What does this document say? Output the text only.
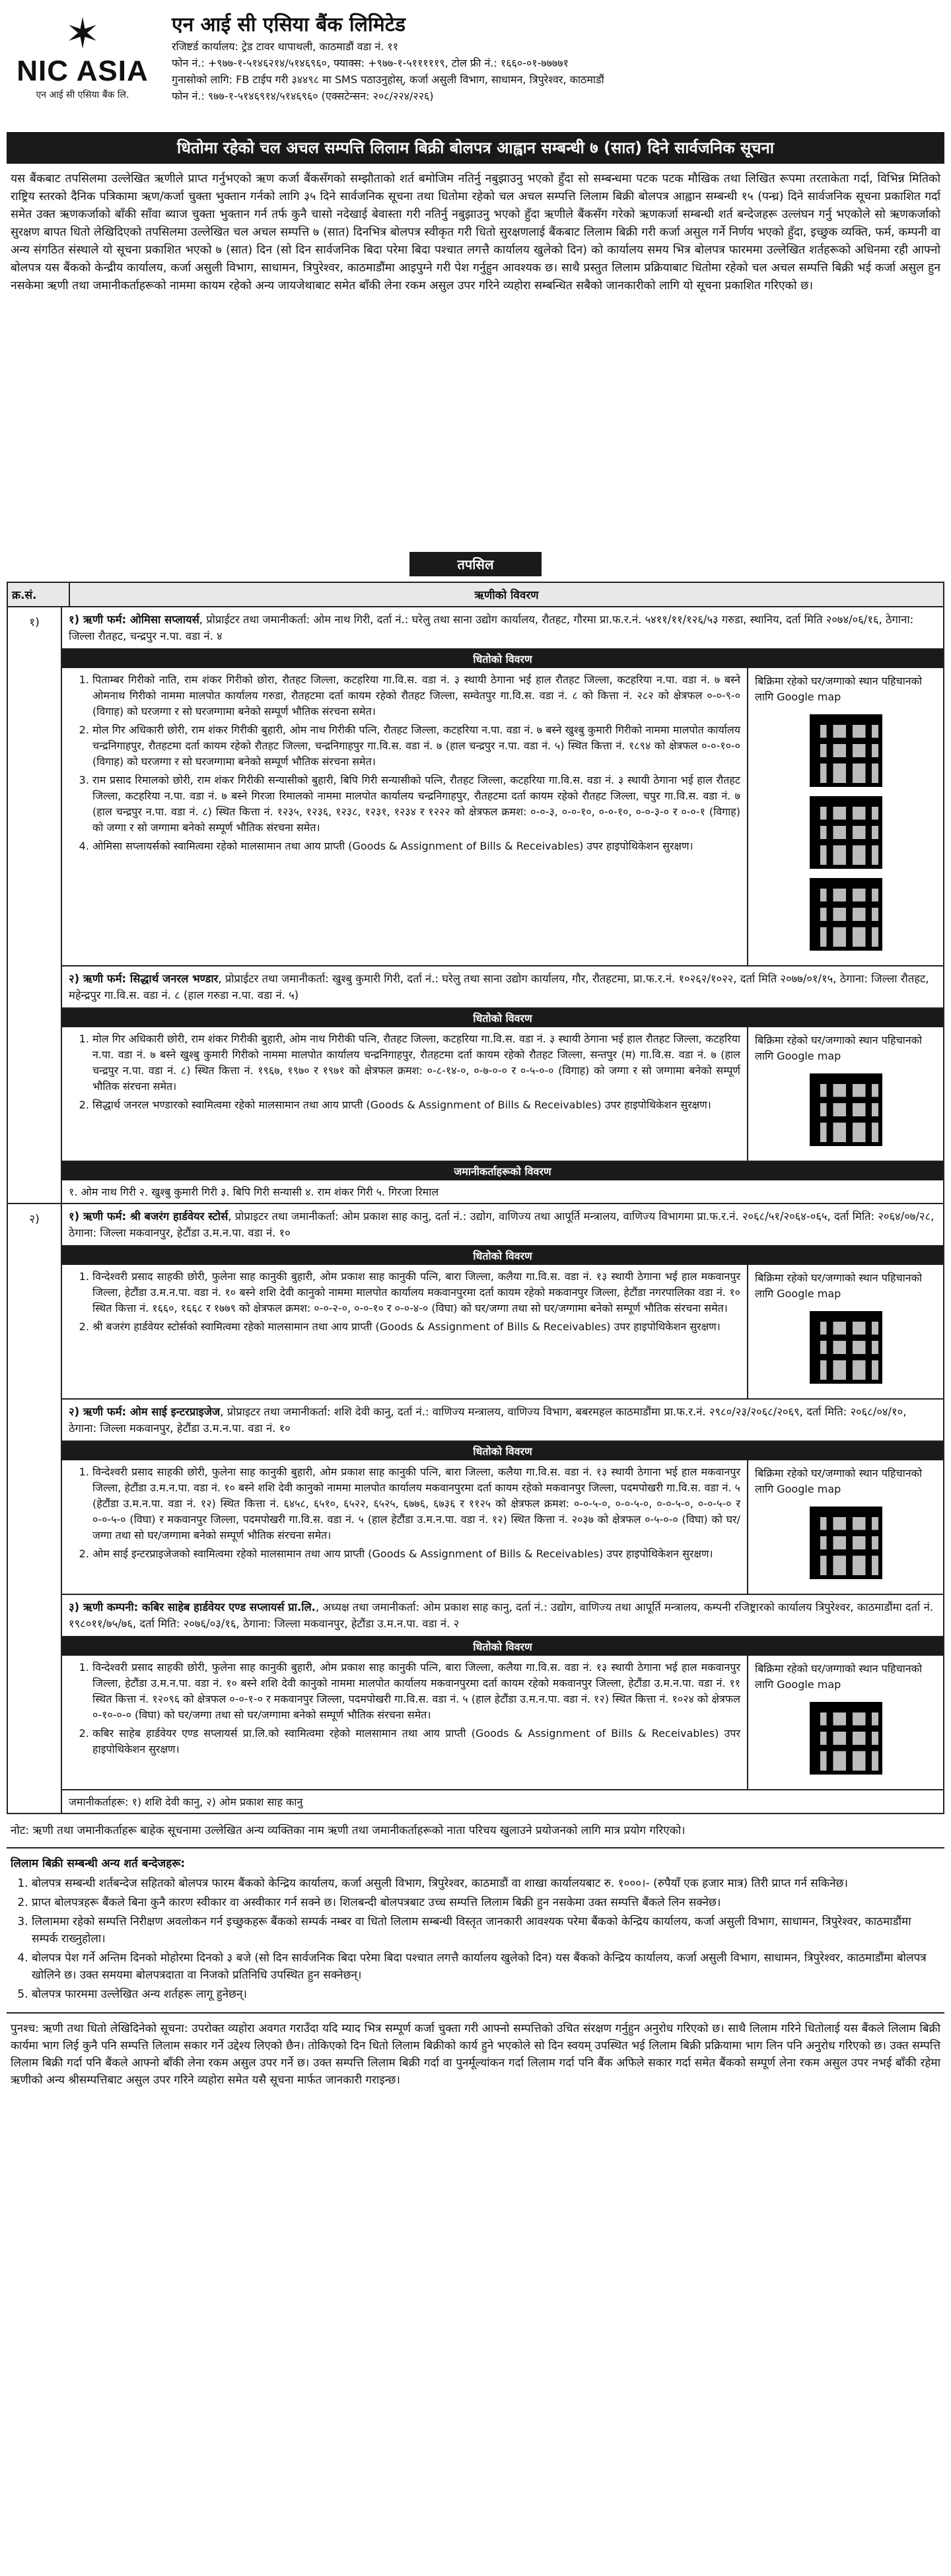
✶
NIC ASIA
एन आई सी एसिया बैंक लि.
एन आई सी एसिया बैंक लिमिटेड
रजिष्टर्ड कार्यालय: ट्रेड टावर थापाथली, काठमाडौं वडा नं. ११
फोन नं.: +९७७-१-५१४६२१४/५१४६९६०, फ्याक्स: +९७७-१-५१११११९, टोल फ्री नं.: १६६०-०१-७७७७१
गुनासोको लागि: FB टाईप गरी ३४४९८ मा SMS पठाउनुहोस्, कर्जा असुली विभाग, साधामन, त्रिपुरेश्वर, काठमाडौं
फोन नं.: ९७७-१-५१४६९१४/५१४६९६० (एक्सटेन्सन: २०८/२२४/२२६)
धितोमा रहेको चल अचल सम्पत्ति लिलाम बिक्री बोलपत्र आह्वान सम्बन्धी ७ (सात) दिने सार्वजनिक सूचना
यस बैंकबाट तपसिलमा उल्लेखित ऋणीले प्राप्त गर्नुभएको ऋण कर्जा बैंकसँगको सम्झौताको शर्त बमोजिम नतिर्नु नबुझाउनु भएको हुँदा सो सम्बन्धमा पटक पटक मौखिक तथा लिखित रूपमा तरताकेता गर्दा, विभिन्न मितिको राष्ट्रिय स्तरको दैनिक पत्रिकामा ऋण/कर्जा चुक्ता भुक्तान गर्नको लागि ३५ दिने सार्वजनिक सूचना तथा धितोमा रहेको चल अचल सम्पत्ति लिलाम बिक्री बोलपत्र आह्वान सम्बन्धी १५ (पन्ध्र) दिने सार्वजनिक सूचना प्रकाशित गर्दा समेत उक्त ऋणकर्जाको बाँकी साँवा ब्याज चुक्ता भुक्तान गर्न तर्फ कुनै चासो नदेखाई बेवास्ता गरी नतिर्नु नबुझाउनु भएको हुँदा ऋणीले बैंकसँग गरेको ऋणकर्जा सम्बन्धी शर्त बन्देजहरू उल्लंघन गर्नु भएकोले सो ऋणकर्जाको सुरक्षण बापत धितो लेखिदिएको तपसिलमा उल्लेखित चल अचल सम्पत्ति ७ (सात) दिनभित्र बोलपत्र स्वीकृत गरी धितो सुरक्षणलाई बैंकबाट लिलाम बिक्री गरी कर्जा असुल गर्ने निर्णय भएको हुँदा, इच्छुक व्यक्ति, फर्म, कम्पनी वा अन्य संगठित संस्थाले यो सूचना प्रकाशित भएको ७ (सात) दिन (सो दिन सार्वजनिक बिदा परेमा बिदा पश्चात लगत्तै कार्यालय खुलेको दिन) को कार्यालय समय भित्र बोलपत्र फारममा उल्लेखित शर्तहरूको अधिनमा रही आफ्नो बोलपत्र यस बैंकको केन्द्रीय कार्यालय, कर्जा असुली विभाग, साधामन, त्रिपुरेश्वर, काठमाडौंमा आइपुग्ने गरी पेश गर्नुहुन आवश्यक छ। साथै प्रस्तुत लिलाम प्रक्रियाबाट धितोमा रहेको चल अचल सम्पत्ति बिक्री भई कर्जा असुल हुन नसकेमा ऋणी तथा जमानीकर्ताहरूको नाममा कायम रहेको अन्य जायजेथाबाट समेत बाँकी लेना रकम असुल उपर गरिने व्यहोरा सम्बन्धित सबैको जानकारीको लागि यो सूचना प्रकाशित गरिएको छ।
तपसिल
क्र.सं.	ऋणीको विवरण
१)	१) ऋणी फर्म: ओमिसा सप्लायर्स, प्रोप्राईटर तथा जमानीकर्ता: ओम नाथ गिरी, दर्ता नं.: घरेलु तथा साना उद्योग कार्यालय, रौतहट, गौरमा प्रा.फ.र.नं. ५४११/११/१२६/५३ गरुडा, स्थानिय, दर्ता मिति २०७४/०६/१६, ठेगाना: जिल्ला रौतहट, चन्द्रपुर न.पा. वडा नं. ४
धितोको विवरण
1. पिताम्बर गिरीको नाति, राम शंकर गिरीको छोरा, रौतहट जिल्ला, कटहरिया गा.वि.स. वडा नं. ३ स्थायी ठेगाना भई हाल रौतहट जिल्ला, कटहरिया न.पा. वडा नं. ७ बस्ने ओमनाथ गिरीको नाममा मालपोत कार्यालय गरुडा, रौतहटमा दर्ता कायम रहेको रौतहट जिल्ला, सम्वेतपुर गा.वि.स. वडा नं. ८ को कित्ता नं. २८२ को क्षेत्रफल ०-०-९-० (विगाह) को घरजग्गा र सो घरजग्गामा बनेको सम्पूर्ण भौतिक संरचना समेत।
2. मोल गिर अधिकारी छोरी, राम शंकर गिरीकी बुहारी, ओम नाथ गिरीकी पत्नि, रौतहट जिल्ला, कटहरिया न.पा. वडा नं. ७ बस्ने खुश्बु कुमारी गिरीको नाममा मालपोत कार्यालय चन्द्रनिगाहपुर, रौतहटमा दर्ता कायम रहेको रौतहट जिल्ला, चन्द्रनिगाहपुर गा.वि.स. वडा नं. ७ (हाल चन्द्रपुर न.पा. वडा नं. ५) स्थित कित्ता नं. १८९४ को क्षेत्रफल ०-०-१०-० (विगाह) को घरजग्गा र सो घरजग्गामा बनेको सम्पूर्ण भौतिक संरचना समेत।
3. राम प्रसाद रिमालको छोरी, राम शंकर गिरीकी सन्यासीको बुहारी, बिपि गिरी सन्यासीको पत्नि, रौतहट जिल्ला, कटहरिया गा.वि.स. वडा नं. ३ स्थायी ठेगाना भई हाल रौतहट जिल्ला, कटहरिया न.पा. वडा नं. ७ बस्ने गिरजा रिमालको नाममा मालपोत कार्यालय चन्द्रनिगाहपुर, रौतहटमा दर्ता कायम रहेको रौतहट जिल्ला, चपुर गा.वि.स. वडा नं. ७ (हाल चन्द्रपुर न.पा. वडा नं. ८) स्थित कित्ता नं. १२३५, १२३६, १२३८, १२३१, १२३४ र १२२२ को क्षेत्रफल क्रमश: ०-०-३, ०-०-१०, ०-०-१०, ०-०-३-० र ०-०-१ (विगाह) को जग्गा र सो जग्गामा बनेको सम्पूर्ण भौतिक संरचना समेत।
4. ओमिसा सप्लायर्सको स्वामित्वमा रहेको मालसामान तथा आय प्राप्ती (Goods & Assignment of Bills & Receivables) उपर हाइपोथिकेशन सुरक्षण।
बिक्रिमा रहेको घर/जग्गाको स्थान पहिचानको लागि Google map
२) ऋणी फर्म: सिद्धार्थ जनरल भण्डार, प्रोप्राईटर तथा जमानीकर्ता: खुश्बु कुमारी गिरी, दर्ता नं.: घरेलु तथा साना उद्योग कार्यालय, गौर, रौतहटमा, प्रा.फ.र.नं. १०२६२/१०२२, दर्ता मिति २०७७/०१/१५, ठेगाना: जिल्ला रौतहट, महेन्द्रपुर गा.वि.स. वडा नं. ८ (हाल गरुडा न.पा. वडा नं. ५)
धितोको विवरण
1. मोल गिर अधिकारी छोरी, राम शंकर गिरीकी बुहारी, ओम नाथ गिरीकी पत्नि, रौतहट जिल्ला, कटहरिया गा.वि.स. वडा नं. ३ स्थायी ठेगाना भई हाल रौतहट जिल्ला, कटहरिया न.पा. वडा नं. ७ बस्ने खुश्बु कुमारी गिरीको नाममा मालपोत कार्यालय चन्द्रनिगाहपुर, रौतहटमा दर्ता कायम रहेको रौतहट जिल्ला, सन्तपुर (म) गा.वि.स. वडा नं. ७ (हाल चन्द्रपुर न.पा. वडा नं. ८) स्थित कित्ता नं. १९६७, १९७० र १९७१ को क्षेत्रफल क्रमश: ०-८-१४-०, ०-७-०-० र ०-५-०-० (विगाह) को जग्गा र सो जग्गामा बनेको सम्पूर्ण भौतिक संरचना समेत।
2. सिद्धार्थ जनरल भण्डारको स्वामित्वमा रहेको मालसामान तथा आय प्राप्ती (Goods & Assignment of Bills & Receivables) उपर हाइपोथिकेशन सुरक्षण।
बिक्रिमा रहेको घर/जग्गाको स्थान पहिचानको लागि Google map
जमानीकर्ताहरूको विवरण
१. ओम नाथ गिरी २. खुश्बु कुमारी गिरी ३. बिपि गिरी सन्यासी ४. राम शंकर गिरी ५. गिरजा रिमाल
२)	१) ऋणी फर्म: श्री बजरंग हार्डवेयर स्टोर्स, प्रोप्राइटर तथा जमानीकर्ता: ओम प्रकाश साह कानु, दर्ता नं.: उद्योग, वाणिज्य तथा आपूर्ति मन्त्रालय, वाणिज्य विभागमा प्रा.फ.र.नं. २०६८/५१/२०६४-०६५, दर्ता मिति: २०६४/०७/२८, ठेगाना: जिल्ला मकवानपुर, हेटौंडा उ.म.न.पा. वडा नं. १०
धितोको विवरण
1. विन्देश्वरी प्रसाद साहकी छोरी, फुलेना साह कानुकी बुहारी, ओम प्रकाश साह कानुकी पत्नि, बारा जिल्ला, कलैया गा.वि.स. वडा नं. १३ स्थायी ठेगाना भई हाल मकवानपुर जिल्ला, हेटौंडा उ.म.न.पा. वडा नं. १० बस्ने शशि देवी कानुको नाममा मालपोत कार्यालय मकवानपुरमा दर्ता कायम रहेको मकवानपुर जिल्ला, हेटौंडा नगरपालिका वडा नं. १० स्थित कित्ता नं. १६६०, १६६८ र १७७९ को क्षेत्रफल क्रमश: ०-०-२-०, ०-०-१० र ०-०-४-० (विघा) को घर/जग्गा तथा सो घर/जग्गामा बनेको सम्पूर्ण भौतिक संरचना समेत।
2. श्री बजरंग हार्डवेयर स्टोर्सको स्वामित्वमा रहेको मालसामान तथा आय प्राप्ती (Goods & Assignment of Bills & Receivables) उपर हाइपोथिकेशन सुरक्षण।
बिक्रिमा रहेको घर/जग्गाको स्थान पहिचानको लागि Google map
२) ऋणी फर्म: ओम साई इन्टरप्राइजेज, प्रोप्राइटर तथा जमानीकर्ता: शशि देवी कानु, दर्ता नं.: वाणिज्य मन्त्रालय, वाणिज्य विभाग, बबरमहल काठमाडौंमा प्रा.फ.र.नं. २९८०/२३/२०६८/२०६९, दर्ता मिति: २०६८/०४/१०, ठेगाना: जिल्ला मकवानपुर, हेटौंडा उ.म.न.पा. वडा नं. १०
धितोको विवरण
1. विन्देश्वरी प्रसाद साहकी छोरी, फुलेना साह कानुकी बुहारी, ओम प्रकाश साह कानुकी पत्नि, बारा जिल्ला, कलैया गा.वि.स. वडा नं. १३ स्थायी ठेगाना भई हाल मकवानपुर जिल्ला, हेटौंडा उ.म.न.पा. वडा नं. १० बस्ने शशि देवी कानुको नाममा मालपोत कार्यालय मकवानपुरमा दर्ता कायम रहेको मकवानपुर जिल्ला, पदमपोखरी गा.वि.स. वडा नं. ५ (हेटौंडा उ.म.न.पा. वडा नं. १२) स्थित कित्ता नं. ६४५८, ६५१०, ६५२२, ६५२५, ६७७६, ६७३६ र ११२५ को क्षेत्रफल क्रमश: ०-०-५-०, ०-०-५-०, ०-०-५-०, ०-०-५-० र ०-०-५-० (विघा) र मकवानपुर जिल्ला, पदमपोखरी गा.वि.स. वडा नं. ५ (हाल हेटौंडा उ.म.न.पा. वडा नं. १२) स्थित कित्ता नं. २०३७ को क्षेत्रफल ०-५-०-० (विघा) को घर/जग्गा तथा सो घर/जग्गामा बनेको सम्पूर्ण भौतिक संरचना समेत।
2. ओम साई इन्टरप्राइजेजको स्वामित्वमा रहेको मालसामान तथा आय प्राप्ती (Goods & Assignment of Bills & Receivables) उपर हाइपोथिकेशन सुरक्षण।
बिक्रिमा रहेको घर/जग्गाको स्थान पहिचानको लागि Google map
३) ऋणी कम्पनी: कबिर साहेब हार्डवेयर एण्ड सप्लायर्स प्रा.लि., अध्यक्ष तथा जमानीकर्ता: ओम प्रकाश साह कानु, दर्ता नं.: उद्योग, वाणिज्य तथा आपूर्ति मन्त्रालय, कम्पनी रजिष्ट्रारको कार्यालय त्रिपुरेश्वर, काठमाडौंमा दर्ता नं. १९८०११/७५/७६, दर्ता मिति: २०७६/०३/१६, ठेगाना: जिल्ला मकवानपुर, हेटौंडा उ.म.न.पा. वडा नं. २
धितोको विवरण
1. विन्देश्वरी प्रसाद साहकी छोरी, फुलेना साह कानुकी बुहारी, ओम प्रकाश साह कानुकी पत्नि, बारा जिल्ला, कलैया गा.वि.स. वडा नं. १३ स्थायी ठेगाना भई हाल मकवानपुर जिल्ला, हेटौंडा उ.म.न.पा. वडा नं. १० बस्ने शशि देवी कानुको नाममा मालपोत कार्यालय मकवानपुरमा दर्ता कायम रहेको मकवानपुर जिल्ला, हेटौंडा उ.म.न.पा. वडा नं. ११ स्थित कित्ता नं. १२०९६ को क्षेत्रफल ०-०-१-० र मकवानपुर जिल्ला, पदमपोखरी गा.वि.स. वडा नं. ५ (हाल हेटौंडा उ.म.न.पा. वडा नं. १२) स्थित कित्ता नं. १०२४ को क्षेत्रफल ०-१०-०-० (विघा) को घर/जग्गा तथा सो घर/जग्गामा बनेको सम्पूर्ण भौतिक संरचना समेत।
2. कबिर साहेब हार्डवेयर एण्ड सप्लायर्स प्रा.लि.को स्वामित्वमा रहेको मालसामान तथा आय प्राप्ती (Goods & Assignment of Bills & Receivables) उपर हाइपोथिकेशन सुरक्षण।
बिक्रिमा रहेको घर/जग्गाको स्थान पहिचानको लागि Google map
जमानीकर्ताहरू: १) शशि देवी कानु, २) ओम प्रकाश साह कानु
नोट: ऋणी तथा जमानीकर्ताहरू बाहेक सूचनामा उल्लेखित अन्य व्यक्तिका नाम ऋणी तथा जमानीकर्ताहरूको नाता परिचय खुलाउने प्रयोजनको लागि मात्र प्रयोग गरिएको।
लिलाम बिक्री सम्बन्धी अन्य शर्त बन्देजहरू:
1. बोलपत्र सम्बन्धी शर्तबन्देज सहितको बोलपत्र फारम बैंकको केन्द्रिय कार्यालय, कर्जा असुली विभाग, त्रिपुरेश्वर, काठमाडौं वा शाखा कार्यालयबाट रु. १०००।- (रुपैयाँ एक हजार मात्र) तिरी प्राप्त गर्न सकिनेछ।
2. प्राप्त बोलपत्रहरू बैंकले बिना कुनै कारण स्वीकार वा अस्वीकार गर्न सक्ने छ। शिलबन्दी बोलपत्रबाट उच्च सम्पत्ति लिलाम बिक्री हुन नसकेमा उक्त सम्पत्ति बैंकले लिन सक्नेछ।
3. लिलाममा रहेको सम्पत्ति निरीक्षण अवलोकन गर्न इच्छुकहरू बैंकको सम्पर्क नम्बर वा धितो लिलाम सम्बन्धी विस्तृत जानकारी आवश्यक परेमा बैंकको केन्द्रिय कार्यालय, कर्जा असुली विभाग, साधामन, त्रिपुरेश्वर, काठमाडौंमा सम्पर्क राख्नुहोला।
4. बोलपत्र पेश गर्ने अन्तिम दिनको मोहोरमा दिनको ३ बजे (सो दिन सार्वजनिक बिदा परेमा बिदा पश्चात लगत्तै कार्यालय खुलेको दिन) यस बैंकको केन्द्रिय कार्यालय, कर्जा असुली विभाग, साधामन, त्रिपुरेश्वर, काठमाडौंमा बोलपत्र खोलिने छ। उक्त समयमा बोलपत्रदाता वा निजको प्रतिनिधि उपस्थित हुन सक्नेछन्।
5. बोलपत्र फारममा उल्लेखित अन्य शर्तहरू लागू हुनेछन्।
पुनश्च: ऋणी तथा धितो लेखिदिनेको सूचना: उपरोक्त व्यहोरा अवगत गराउँदा यदि म्याद भित्र सम्पूर्ण कर्जा चुक्ता गरी आफ्नो सम्पत्तिको उचित संरक्षण गर्नुहुन अनुरोध गरिएको छ। साथै लिलाम गरिने धितोलाई यस बैंकले लिलाम बिक्री कार्यमा भाग लिई कुनै पनि सम्पत्ति लिलाम सकार गर्ने उद्देश्य लिएको छैन। तोकिएको दिन धितो लिलाम बिक्रीको कार्य हुने भएकोले सो दिन स्वयम् उपस्थित भई लिलाम बिक्री प्रक्रियामा भाग लिन पनि अनुरोध गरिएको छ। उक्त सम्पत्ति लिलाम बिक्री गर्दा पनि बैंकले आफ्नो बाँकी लेना रकम असुल उपर गर्ने छ। उक्त सम्पत्ति लिलाम बिक्री गर्दा वा पुनर्मूल्यांकन गर्दा लिलाम गर्दा पनि बैंक अफिले सकार गर्दा समेत बैंकको सम्पूर्ण लेना रकम असुल उपर नभई बाँकी रहेमा ऋणीको अन्य श्रीसम्पत्तिबाट असुल उपर गरिने व्यहोरा समेत यसै सूचना मार्फत जानकारी गराइन्छ।
